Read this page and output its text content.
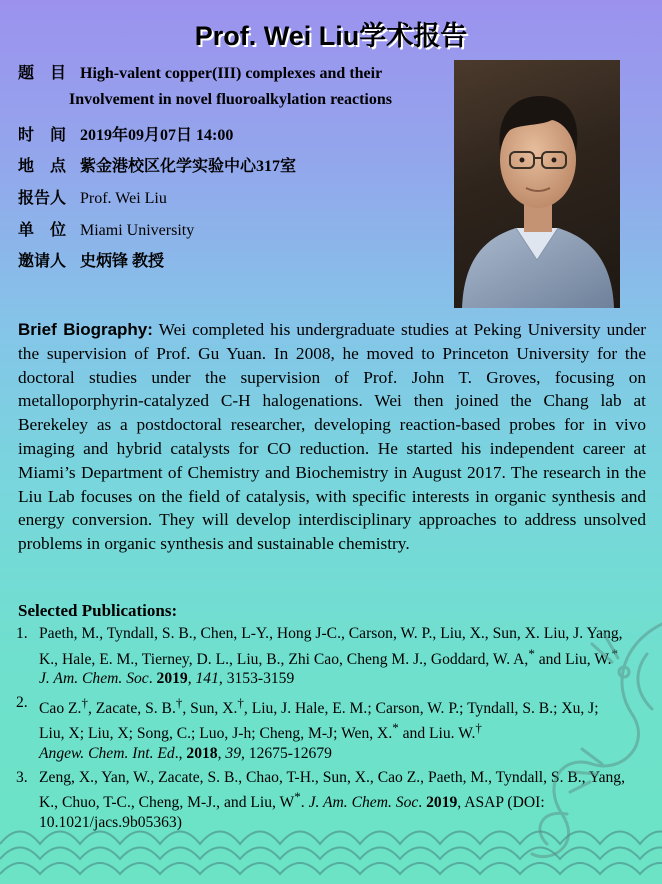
Prof. Wei Liu学术报告
题　目 High-valent copper(III) complexes and their
Involvement in novel fluoroalkylation reactions
时　间 2019年09月07日 14:00
地　点 紫金港校区化学实验中心317室
报告人 Prof. Wei Liu
单　位 Miami University
邀请人 史炳锋 教授
Brief Biography: Wei completed his undergraduate studies at Peking University under the supervision of Prof. Gu Yuan. In 2008, he moved to Princeton University for the doctoral studies under the supervision of Prof. John T. Groves, focusing on metalloporphyrin-catalyzed C-H halogenations. Wei then joined the Chang lab at Berekeley as a postdoctoral researcher, developing reaction-based probes for in vivo imaging and hybrid catalysts for CO reduction. He started his independent career at Miami’s Department of Chemistry and Biochemistry in August 2017. The research in the Liu Lab focuses on the field of catalysis, with specific interests in organic synthesis and energy conversion. They will develop interdisciplinary approaches to address unsolved problems in organic synthesis and sustainable chemistry.
Selected Publications:
1. Paeth, M., Tyndall, S. B., Chen, L-Y., Hong J-C., Carson, W. P., Liu, X., Sun, X. Liu, J. Yang, K., Hale, E. M., Tierney, D. L., Liu, B., Zhi Cao, Cheng M. J., Goddard, W. A,* and Liu, W.* J. Am. Chem. Soc. 2019, 141, 3153-3159
2. Cao Z.†, Zacate, S. B.†, Sun, X.†, Liu, J. Hale, E. M.; Carson, W. P.; Tyndall, S. B.; Xu, J; Liu, X; Liu, X; Song, C.; Luo, J-h; Cheng, M-J; Wen, X.* and Liu. W.†
Angew. Chem. Int. Ed., 2018, 39, 12675-12679
3. Zeng, X., Yan, W., Zacate, S. B., Chao, T-H., Sun, X., Cao Z., Paeth, M., Tyndall, S. B., Yang, K., Chuo, T-C., Cheng, M-J., and Liu, W*. J. Am. Chem. Soc. 2019, ASAP (DOI: 10.1021/jacs.9b05363)
